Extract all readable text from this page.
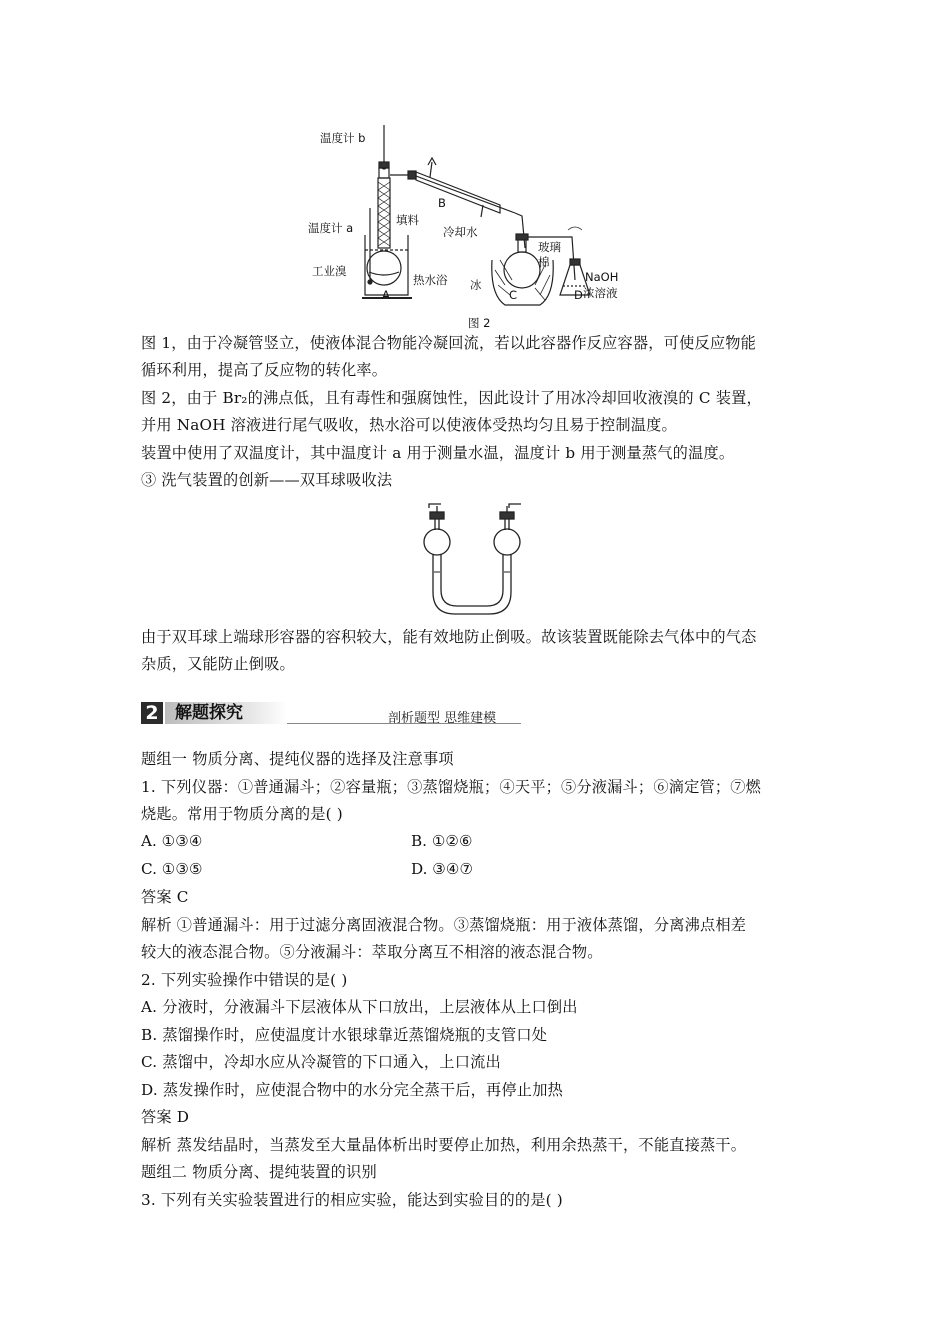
温度计 b
B
填料
温度计 a	冷却水
玻璃棉
NaOH
浓溶液
工业溴
热水浴 冰
A	C	D
图 2
图 1，由于冷凝管竖立，使液体混合物能冷凝回流，若以此容器作反应容器，可使反应物能
循环利用，提高了反应物的转化率。
图 2，由于 Br₂的沸点低，且有毒性和强腐蚀性，因此设计了用冰冷却回收液溴的 C 装置，
并用 NaOH 溶液进行尾气吸收，热水浴可以使液体受热均匀且易于控制温度。
装置中使用了双温度计，其中温度计 a 用于测量水温，温度计 b 用于测量蒸气的温度。
③ 洗气装置的创新——双耳球吸收法
由于双耳球上端球形容器的容积较大，能有效地防止倒吸。故该装置既能除去气体中的气态
杂质，又能防止倒吸。
2 解题探究	剖析题型 思维建模
题组一 物质分离、提纯仪器的选择及注意事项
1. 下列仪器：①普通漏斗；②容量瓶；③蒸馏烧瓶；④天平；⑤分液漏斗；⑥滴定管；⑦燃
烧匙。常用于物质分离的是( )
A. ①③④	B. ①②⑥
C. ①③⑤	D. ③④⑦
答案 C
解析 ①普通漏斗：用于过滤分离固液混合物。③蒸馏烧瓶：用于液体蒸馏，分离沸点相差
较大的液态混合物。⑤分液漏斗：萃取分离互不相溶的液态混合物。
2. 下列实验操作中错误的是( )
A. 分液时，分液漏斗下层液体从下口放出，上层液体从上口倒出
B. 蒸馏操作时，应使温度计水银球靠近蒸馏烧瓶的支管口处
C. 蒸馏中，冷却水应从冷凝管的下口通入，上口流出
D. 蒸发操作时，应使混合物中的水分完全蒸干后，再停止加热
答案 D
解析 蒸发结晶时，当蒸发至大量晶体析出时要停止加热，利用余热蒸干，不能直接蒸干。
题组二 物质分离、提纯装置的识别
3. 下列有关实验装置进行的相应实验，能达到实验目的的是( )
